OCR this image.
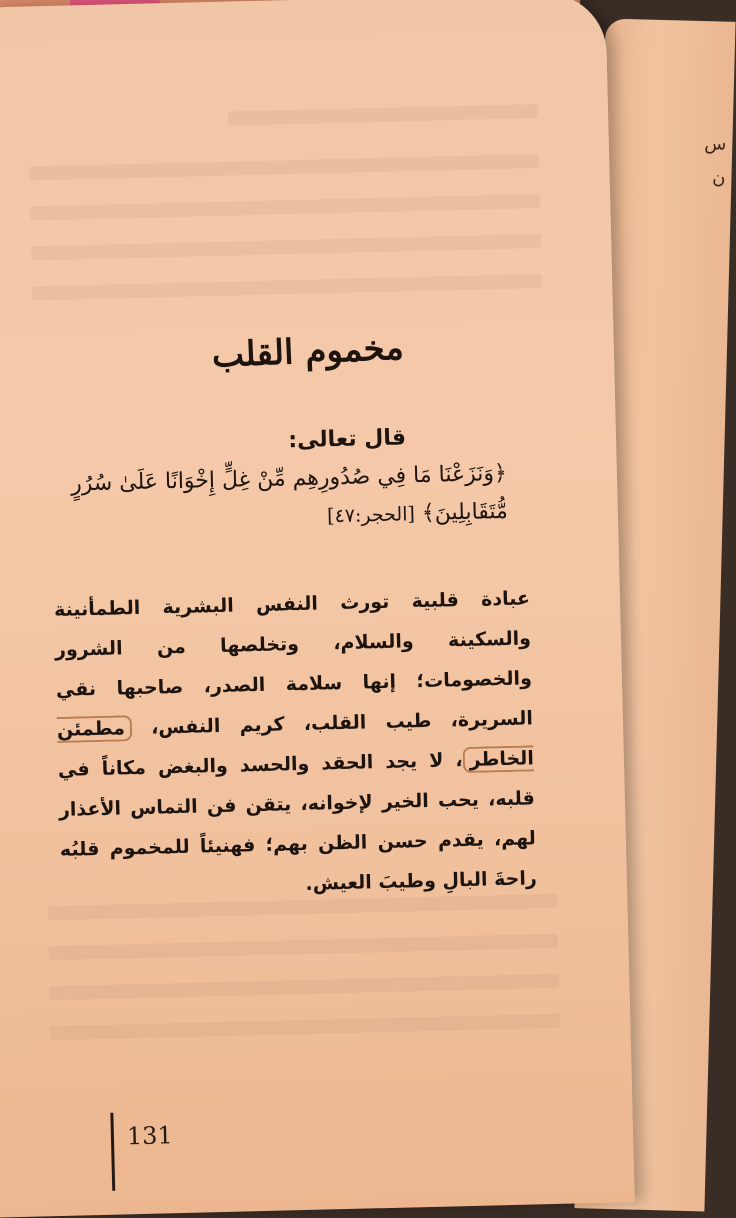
س
ن
مخموم القلب
قال تعالى:
﴿وَنَزَعْنَا مَا فِي صُدُورِهِم مِّنْ غِلٍّ إِخْوَانًا عَلَىٰ سُرُرٍ مُّتَقَابِلِينَ﴾ [الحجر:٤٧]
عبادة قلبية تورث النفس البشرية الطمأنينة والسكينة والسلام، وتخلصها من الشرور والخصومات؛ إنها سلامة الصدر، صاحبها نقي السريرة، طيب القلب، كريم النفس، مطمئن الخاطر، لا يجد الحقد والحسد والبغض مكاناً في قلبه، يحب الخير لإخوانه، يتقن فن التماس الأعذار لهم، يقدم حسن الظن بهم؛ فهنيئاً للمخموم قلبُه راحةَ البالِ وطيبَ العيش.
131
